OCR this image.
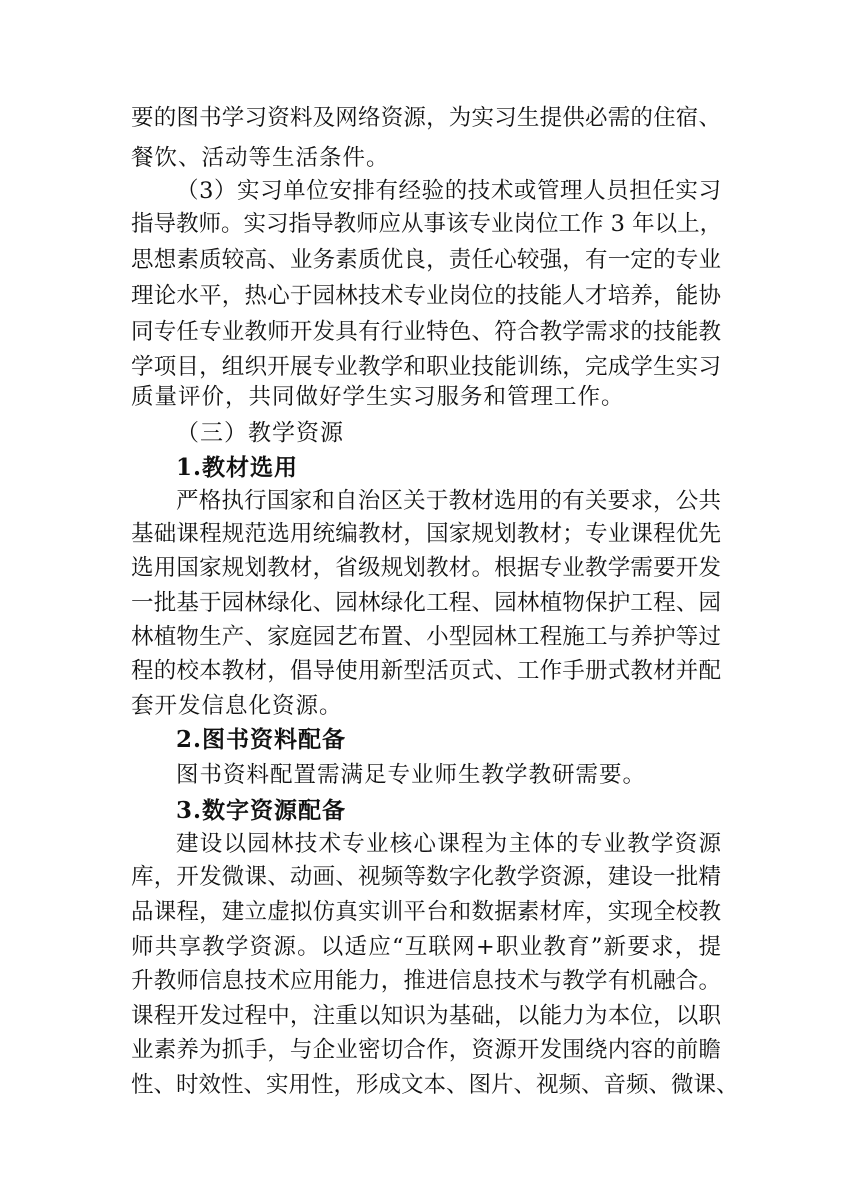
要的图书学习资料及网络资源，为实习生提供必需的住宿、
餐饮、活动等生活条件。
（3）实习单位安排有经验的技术或管理人员担任实习
指导教师。实习指导教师应从事该专业岗位工作 3 年以上，
思想素质较高、业务素质优良，责任心较强，有一定的专业
理论水平，热心于园林技术专业岗位的技能人才培养，能协
同专任专业教师开发具有行业特色、符合教学需求的技能教
学项目，组织开展专业教学和职业技能训练，完成学生实习
质量评价，共同做好学生实习服务和管理工作。
（三）教学资源
1.教材选用
严格执行国家和自治区关于教材选用的有关要求，公共
基础课程规范选用统编教材，国家规划教材；专业课程优先
选用国家规划教材，省级规划教材。根据专业教学需要开发
一批基于园林绿化、园林绿化工程、园林植物保护工程、园
林植物生产、家庭园艺布置、小型园林工程施工与养护等过
程的校本教材，倡导使用新型活页式、工作手册式教材并配
套开发信息化资源。
2.图书资料配备
图书资料配置需满足专业师生教学教研需要。
3.数字资源配备
建设以园林技术专业核心课程为主体的专业教学资源
库，开发微课、动画、视频等数字化教学资源，建设一批精
品课程，建立虚拟仿真实训平台和数据素材库，实现全校教
师共享教学资源。以适应“互联网+职业教育”新要求，提
升教师信息技术应用能力，推进信息技术与教学有机融合。
课程开发过程中，注重以知识为基础，以能力为本位，以职
业素养为抓手，与企业密切合作，资源开发围绕内容的前瞻
性、时效性、实用性，形成文本、图片、视频、音频、微课、
